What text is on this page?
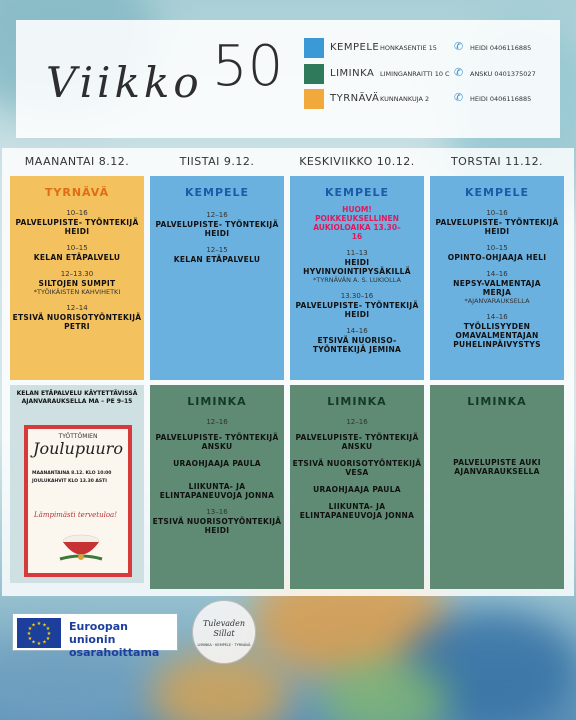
Viikko 50	KEMPELE HONKASENTIE 15 ✆ HEIDI 0406116885
LIMINKA LIMINGANRAITTI 10 C ✆ ANSKU 0401375027
TYRNÄVÄ KUNNANKUJA 2 ✆ HEIDI 0406116885
MAANANTAI 8.12.	TIISTAI 9.12.	KESKIVIIKKO 10.12.	TORSTAI 11.12.
TYRNÄVÄ
10–16
PALVELUPISTE- TYÖNTEKIJÄ HEIDI
10–15
KELAN ETÄPALVELU
12–13.30
SILTOJEN SUMPIT
*TYÖIKÄISTEN KAHVIHETKI
12–14
ETSIVÄ NUORISOTYÖNTEKIJÄ PETRI
KELAN ETÄPALVELU KÄYTETTÄVISSÄ AJANVARAUKSELLA MA – PE 9–15
TYÖTTÖMIEN
Joulupuuro
MAANANTAINA 8.12. KLO 10:00
JOULUKAHVIT KLO 13.30 ASTI
Lämpimästi tervetuloa!
KEMPELE
12–16
PALVELUPISTE- TYÖNTEKIJÄ HEIDI
12–15
KELAN ETÄPALVELU
LIMINKA
12–16
PALVELUPISTE- TYÖNTEKIJÄ ANSKU
URAOHJAAJA PAULA
LIIKUNTA- JA ELINTAPANEUVOJA JONNA
13–16
ETSIVÄ NUORISOTYÖNTEKIJÄ HEIDI
KEMPELE
HUOM! POIKKEUKSELLINEN AUKIOLOAIKA 13.30–16
11–13
HEIDI HYVINVOINTIPYSÄKILLÄ
*TYRNÄVÄN A. S. LUKIOLLA
13.30–16
PALVELUPISTE- TYÖNTEKIJÄ HEIDI
14–16
ETSIVÄ NUORISO- TYÖNTEKIJÄ JEMINA
LIMINKA
12–16
PALVELUPISTE- TYÖNTEKIJÄ ANSKU
ETSIVÄ NUORISOTYÖNTEKIJÄ VESA
URAOHJAAJA PAULA
LIIKUNTA- JA ELINTAPANEUVOJA JONNA
KEMPELE
10–16
PALVELUPISTE- TYÖNTEKIJÄ HEIDI
10–15
OPINTO-OHJAAJA HELI
14–16
NEPSY-VALMENTAJA MERJA
*AJANVARAUKSELLA
14–16
TYÖLLISYYDEN OMAVALMENTAJAN PUHELINPÄIVYSTYS
LIMINKA
PALVELUPISTE AUKI AJANVARAUKSELLA
★ ★
★
★
★
★
★
★
★
★
★
★	Euroopan unionin osarahoittama
Tulevaden Sillat
LIMINKA · KEMPELE · TYRNÄVÄ
